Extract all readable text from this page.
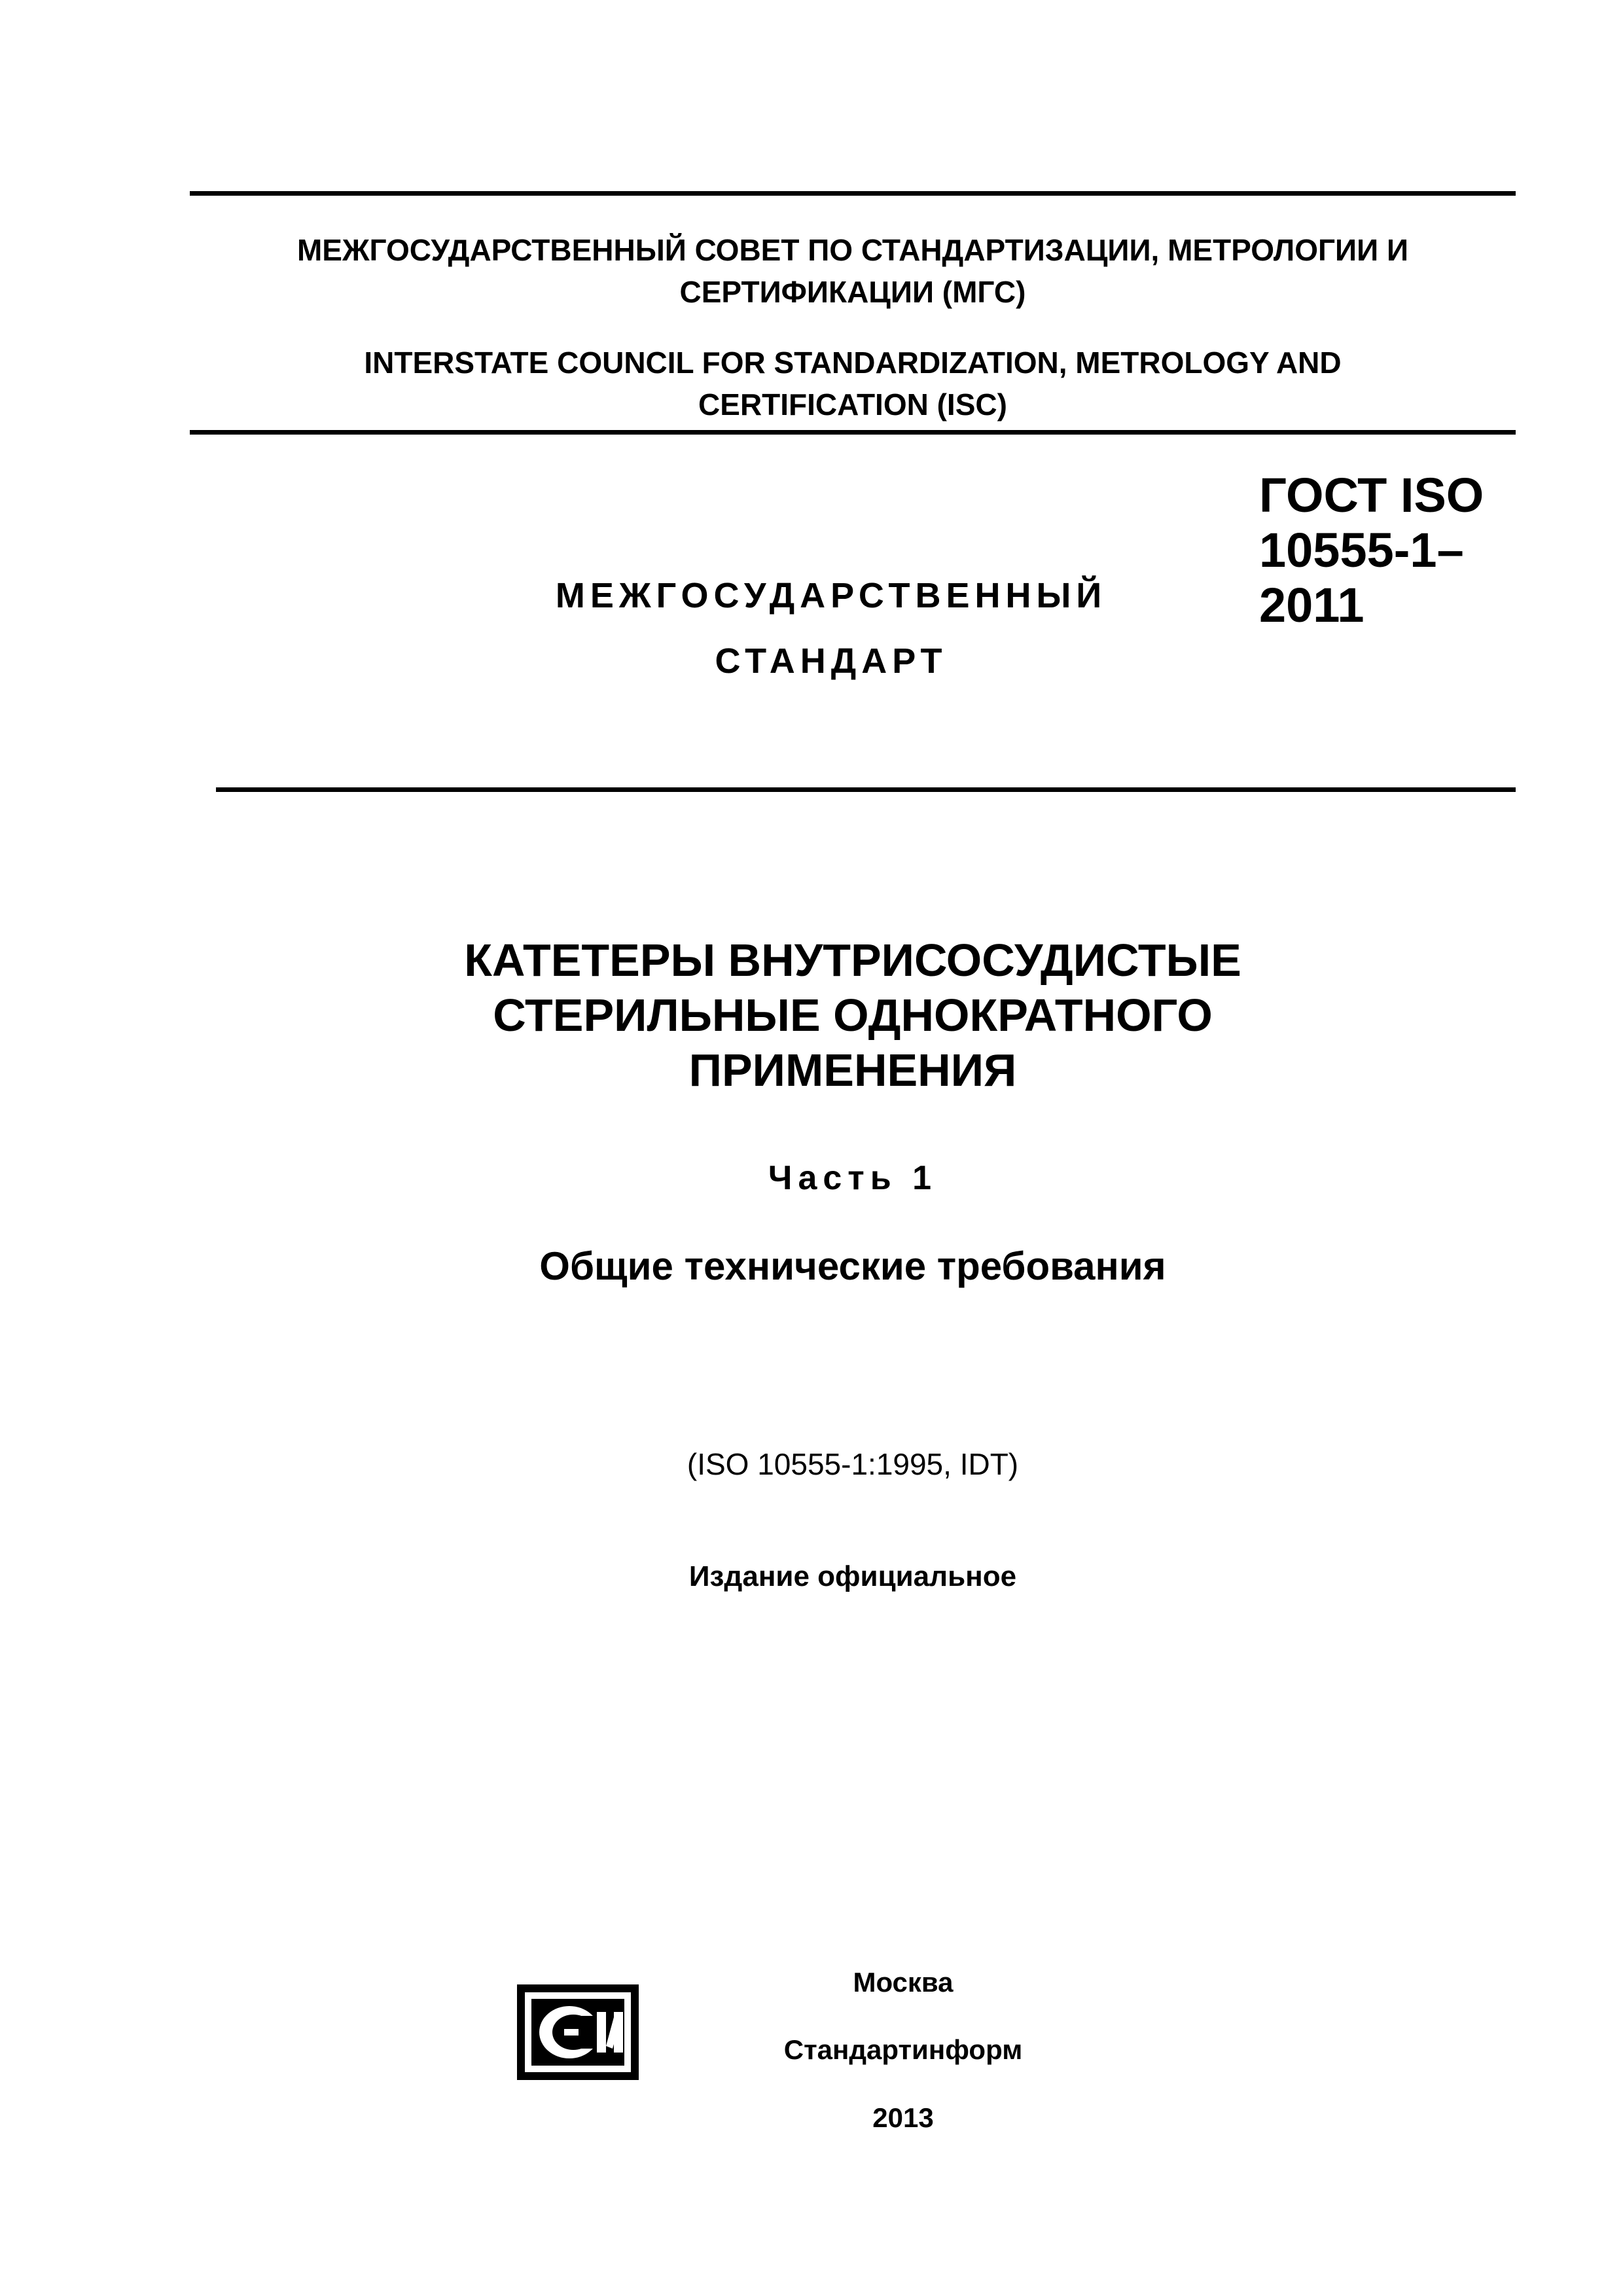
МЕЖГОСУДАРСТВЕННЫЙ СОВЕТ ПО СТАНДАРТИЗАЦИИ, МЕТРОЛОГИИ И
СЕРТИФИКАЦИИ (МГС)
INTERSTATE COUNCIL FOR STANDARDIZATION, METROLOGY AND
CERTIFICATION (ISC)
МЕЖГОСУДАРСТВЕННЫЙ
СТАНДАРТ
ГОСТ ISO
10555-1–
2011
КАТЕТЕРЫ ВНУТРИСОСУДИСТЫЕ
СТЕРИЛЬНЫЕ ОДНОКРАТНОГО
ПРИМЕНЕНИЯ
Часть 1
Общие технические требования
(ISO 10555-1:1995, IDT)
Издание официальное
Москва
Стандартинформ
2013
